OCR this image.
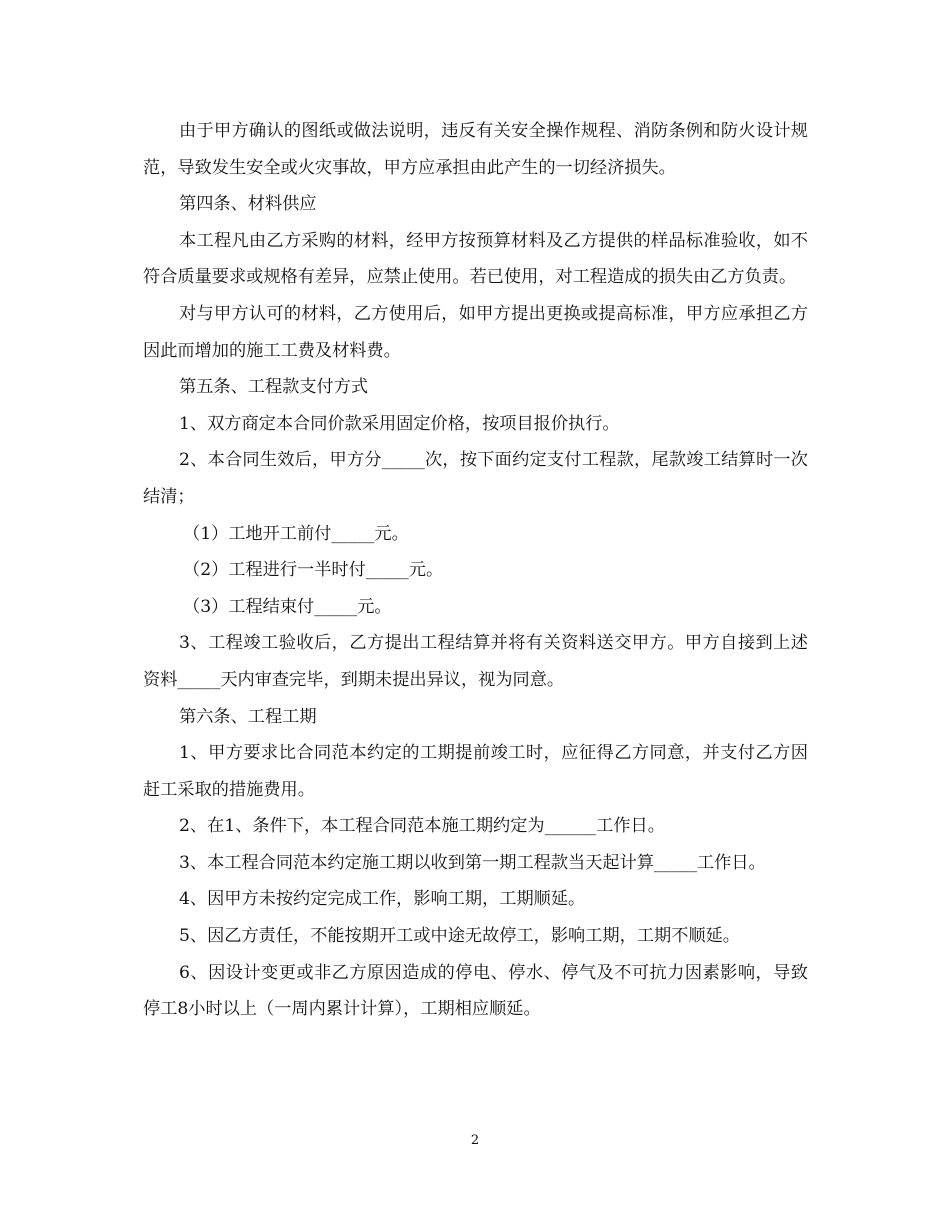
由于甲方确认的图纸或做法说明，违反有关安全操作规程、消防条例和防火设计规范，导致发生安全或火灾事故，甲方应承担由此产生的一切经济损失。

第四条、材料供应

本工程凡由乙方采购的材料，经甲方按预算材料及乙方提供的样品标准验收，如不符合质量要求或规格有差异，应禁止使用。若已使用，对工程造成的损失由乙方负责。

对与甲方认可的材料，乙方使用后，如甲方提出更换或提高标准，甲方应承担乙方因此而增加的施工工费及材料费。

第五条、工程款支付方式

1、双方商定本合同价款采用固定价格，按项目报价执行。

2、本合同生效后，甲方分_____次，按下面约定支付工程款，尾款竣工结算时一次结清；

（1）工地开工前付_____元。

（2）工程进行一半时付_____元。

（3）工程结束付_____元。

3、工程竣工验收后，乙方提出工程结算并将有关资料送交甲方。甲方自接到上述资料_____天内审查完毕，到期未提出异议，视为同意。

第六条、工程工期

1、甲方要求比合同范本约定的工期提前竣工时，应征得乙方同意，并支付乙方因赶工采取的措施费用。

2、在1、条件下，本工程合同范本施工期约定为______工作日。

3、本工程合同范本约定施工期以收到第一期工程款当天起计算_____工作日。

4、因甲方未按约定完成工作，影响工期，工期顺延。

5、因乙方责任，不能按期开工或中途无故停工，影响工期，工期不顺延。

6、因设计变更或非乙方原因造成的停电、停水、停气及不可抗力因素影响，导致停工8小时以上（一周内累计计算），工期相应顺延。

2
